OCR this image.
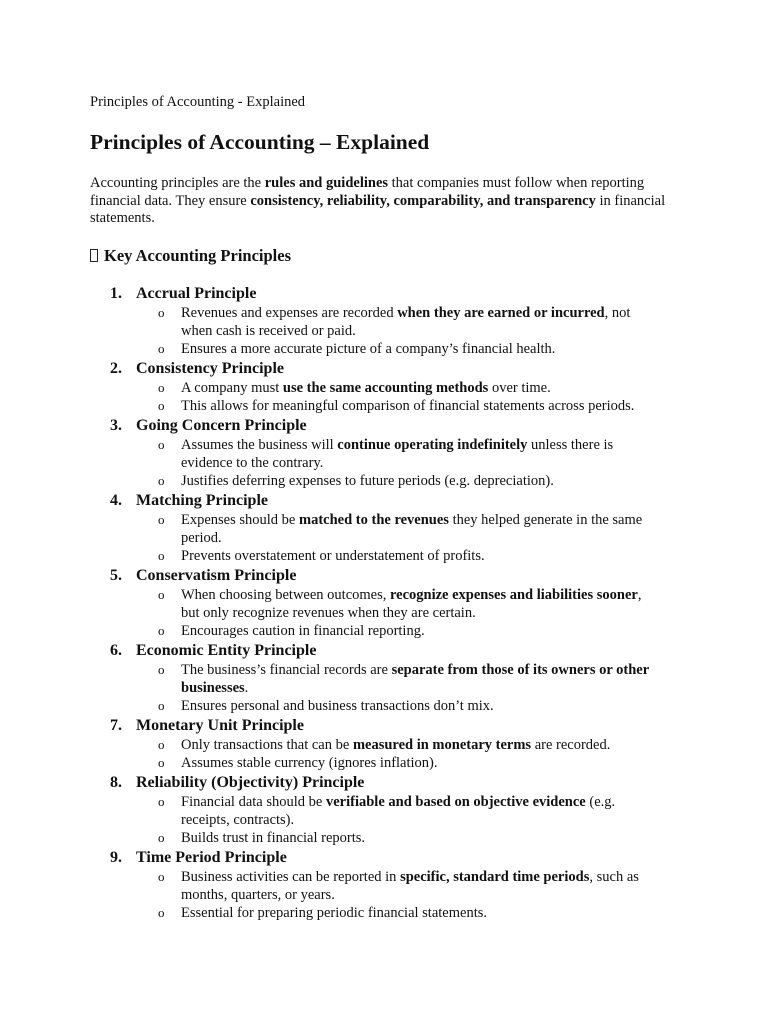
Principles of Accounting - Explained
Principles of Accounting – Explained

Accounting principles are the rules and guidelines that companies must follow when reporting financial data. They ensure consistency, reliability, comparability, and transparency in financial statements.

Key Accounting Principles
1. Accrual Principle
o Revenues and expenses are recorded when they are earned or incurred, not when cash is received or paid.
o Ensures a more accurate picture of a company’s financial health.
2. Consistency Principle
o A company must use the same accounting methods over time.
o This allows for meaningful comparison of financial statements across periods.
3. Going Concern Principle
o Assumes the business will continue operating indefinitely unless there is evidence to the contrary.
o Justifies deferring expenses to future periods (e.g. depreciation).
4. Matching Principle
o Expenses should be matched to the revenues they helped generate in the same period.
o Prevents overstatement or understatement of profits.
5. Conservatism Principle
o When choosing between outcomes, recognize expenses and liabilities sooner, but only recognize revenues when they are certain.
o Encourages caution in financial reporting.
6. Economic Entity Principle
o The business’s financial records are separate from those of its owners or other businesses.
o Ensures personal and business transactions don’t mix.
7. Monetary Unit Principle
o Only transactions that can be measured in monetary terms are recorded.
o Assumes stable currency (ignores inflation).
8. Reliability (Objectivity) Principle
o Financial data should be verifiable and based on objective evidence (e.g. receipts, contracts).
o Builds trust in financial reports.
9. Time Period Principle
o Business activities can be reported in specific, standard time periods, such as months, quarters, or years.
o Essential for preparing periodic financial statements.
